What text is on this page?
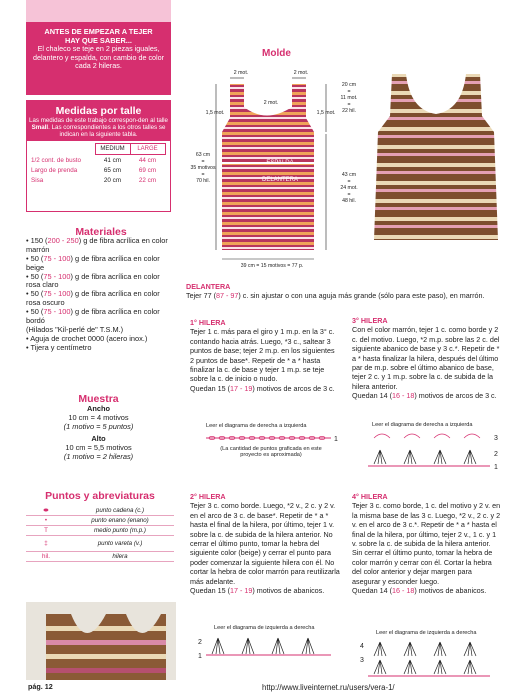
ANTES DE EMPEZAR A TEJER
HAY QUE SABER...
El chaleco se teje en 2 piezas iguales, delantero y espalda, con cambio de color cada 2 hileras.
Medidas por talle
Las medidas de este trabajo correspon-den al talle Small. Las correspondientes a los otros talles se indican en la siguiente tabla.
	MEDIUM	LARGE
1/2 cont. de busto	41 cm	44 cm
Largo de prenda	65 cm	69 cm
Sisa	20 cm	22 cm
Materiales
• 150 (200 - 250) g de fibra acrílica en color marrón
• 50 (75 - 100) g de fibra acrílica en color beige
• 50 (75 - 100) g de fibra acrílica en color rosa claro
• 50 (75 - 100) g de fibra acrílica en color rosa oscuro
• 50 (75 - 100) g de fibra acrílica en color bordó
(Hilados "Kil-perlé de" T.S.M.)
• Aguja de crochet 0000 (acero inox.)
• Tijera y centímetro
Muestra
Ancho
10 cm = 4 motivos
(1 motivo = 5 puntos)
Alto
10 cm = 5,5 motivos
(1 motivo = 2 hileras)
Puntos y abreviaturas
⬬	punto cadena (c.)
•	punto enano (enano)
T	medio punto (m.p.)
‡	punto vareta (v.)
hil.	hilera
pág. 12
Molde
2 mot.	2 mot.
2 mot.
1,5 mot.	1,5 mot.
20 cm
=
11 mot.
=
22 hil.
63 cm
=
35 motivos
=
70 hil.
43 cm
=
24 mot.
=
48 hil.
ESPALDA
DELANTERA
39 cm = 15 motivos = 77 p.
DELANTERA
Tejer 77 (87 - 97) c. sin ajustar o con una aguja más grande (sólo para este paso), en marrón.
1° HILERA
Tejer 1 c. más para el giro y 1 m.p. en la 3° c. contando hacia atrás. Luego, *3 c., saltear 3 puntos de base; tejer 2 m.p. en los siguientes 2 puntos de base*. Repetir de * a * hasta finalizar la c. de base y tejer 1 m.p. se teje sobre la c. de inicio o nudo.
Quedan 15 (17 - 19) motivos de arcos de 3 c.
Leer el diagrama de derecha a izquierda
1
(La cantidad de puntos graficada en este proyecto es aproximada)
2° HILERA
Tejer 3 c. como borde. Luego, *2 v., 2 c. y 2 v. en el arco de 3 c. de base*. Repetir de * a * hasta el final de la hilera, por último, tejer 1 v. sobre la c. de subida de la hilera anterior. No cerrar el último punto, tomar la hebra del siguiente color (beige) y cerrar el punto para poder comenzar la siguiente hilera con él. No cortar la hebra de color marrón para reutilizarla más adelante.
Quedan 15 (17 - 19) motivos de abanicos.
Leer el diagrama de izquierda a derecha
2
1
3° HILERA
Con el color marrón, tejer 1 c. como borde y 2 c. del motivo. Luego, *2 m.p. sobre las 2 c. del siguiente abanico de base y 3 c.*. Repetir de * a * hasta finalizar la hilera, después del último par de m.p. sobre el último abanico de base, tejer 2 c. y 1 m.p. sobre la c. de subida de la hilera anterior.
Quedan 14 (16 - 18) motivos de arcos de 3 c.
Leer el diagrama de derecha a izquierda
3
2
1
4° HILERA
Tejer 3 c. como borde, 1 c. del motivo y 2 v. en la misma base de las 3 c. Luego, *2 v., 2 c. y 2 v. en el arco de 3 c.*. Repetir de * a * hasta el final de la hilera, por último, tejer 2 v., 1 c. y 1 v. sobre la c. de subida de la hilera anterior. Sin cerrar el último punto, tomar la hebra de color marrón y cerrar con él. Cortar la hebra del color anterior y dejar margen para asegurar y esconder luego.
Quedan 14 (16 - 18) motivos de abanicos.
Leer el diagrama de izquierda a derecha
4
3
http://www.liveinternet.ru/users/vera-1/
